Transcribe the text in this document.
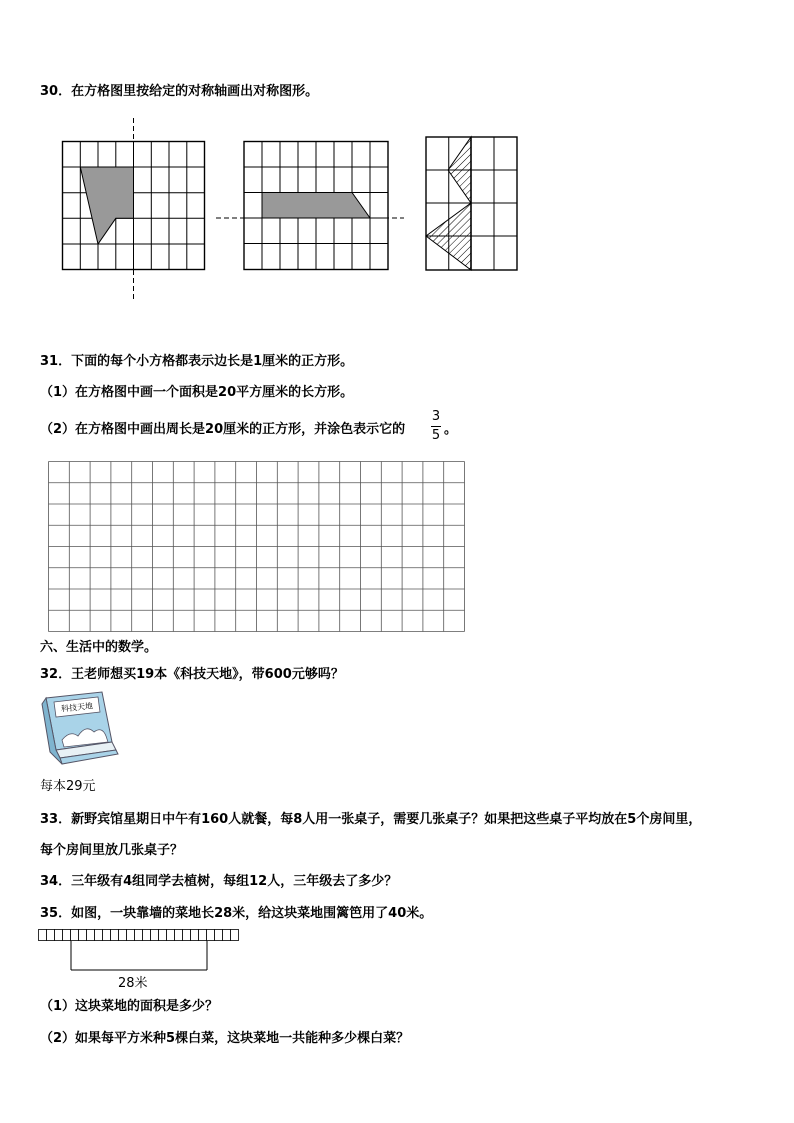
30．在方格图里按给定的对称轴画出对称图形。
31．下面的每个小方格都表示边长是1厘米的正方形。
（1）在方格图中画一个面积是20平方厘米的长方形。
（2）在方格图中画出周长是20厘米的正方形，并涂色表示它的
3
5 。
六、生活中的数学。
32．王老师想买19本《科技天地》，带600元够吗？
科技天地
每本29元
33．新野宾馆星期日中午有160人就餐，每8人用一张桌子，需要几张桌子？如果把这些桌子平均放在5个房间里，
每个房间里放几张桌子？
34．三年级有4组同学去植树，每组12人，三年级去了多少？
35．如图，一块靠墙的菜地长28米，给这块菜地围篱笆用了40米。
28米
（1）这块菜地的面积是多少？
（2）如果每平方米种5棵白菜，这块菜地一共能种多少棵白菜？
